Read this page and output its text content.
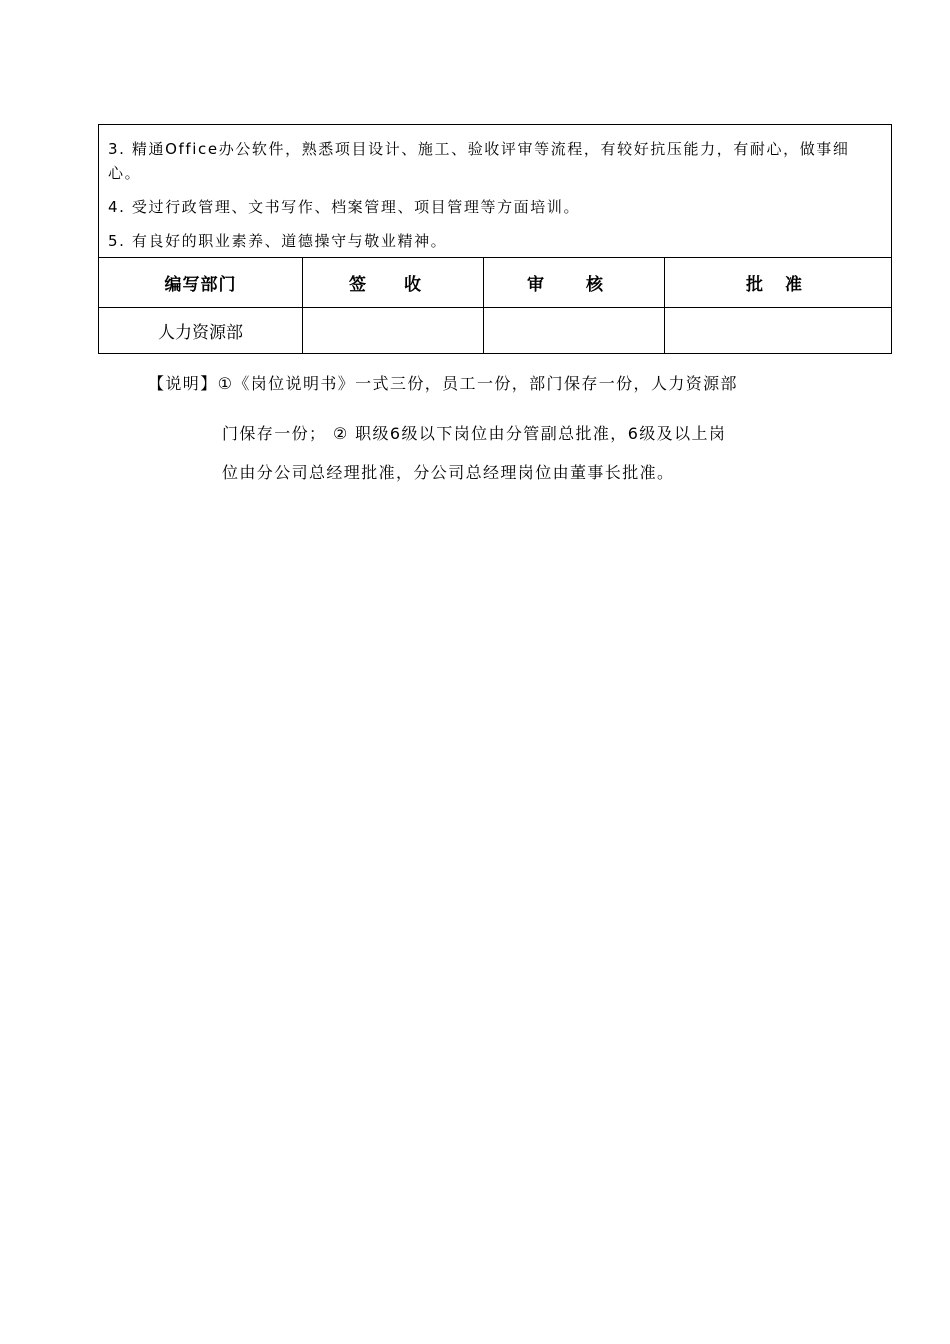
3. 精通Office办公软件，熟悉项目设计、施工、验收评审等流程，有较好抗压能力，有耐心，做事细心。
4. 受过行政管理、文书写作、档案管理、项目管理等方面培训。
5. 有良好的职业素养、道德操守与敬业精神。			

编写部门	签 收	审 核	批 准
人力资源部			
【说明】①《岗位说明书》一式三份，员工一份，部门保存一份，人力资源部
门保存一份； ② 职级6级以下岗位由分管副总批准，6级及以上岗
位由分公司总经理批准，分公司总经理岗位由董事长批准。
